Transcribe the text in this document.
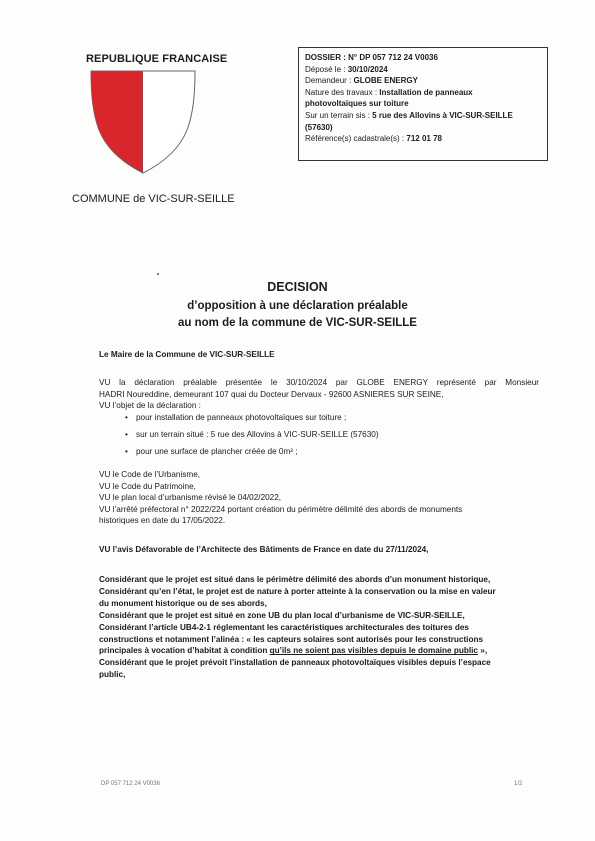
REPUBLIQUE FRANCAISE
COMMUNE de VIC-SUR-SEILLE
DOSSIER : N° DP 057 712 24 V0036
Déposé le : 30/10/2024
Demandeur : GLOBE ENERGY
Nature des travaux : Installation de panneaux
photovoltaïques sur toiture
Sur un terrain sis : 5 rue des Allovins à VIC-SUR-SEILLE
(57630)
Référence(s) cadastrale(s) : 712 01 78
DECISION
d’opposition à une déclaration préalable
au nom de la commune de VIC-SUR-SEILLE
Le Maire de la Commune de VIC-SUR-SEILLE
VU la déclaration préalable présentée le 30/10/2024 par GLOBE ENERGY représenté par Monsieur
HADRI Noureddine, demeurant 107 quai du Docteur Dervaux - 92600 ASNIERES SUR SEINE,
VU l’objet de la déclaration :
• pour installation de panneaux photovoltaïques sur toiture ;
• sur un terrain situé : 5 rue des Allovins à VIC-SUR-SEILLE (57630)
• pour une surface de plancher créée de 0m² ;
VU le Code de l’Urbanisme,
VU le Code du Patrimoine,
VU le plan local d’urbanisme révisé le 04/02/2022,
VU l’arrêté préfectoral n° 2022/224 portant création du périmètre délimité des abords de monuments
historiques en date du 17/05/2022.
VU l’avis Défavorable de l’Architecte des Bâtiments de France en date du 27/11/2024,
Considérant que le projet est situé dans le périmètre délimité des abords d’un monument historique,
Considérant qu’en l’état, le projet est de nature à porter atteinte à la conservation ou la mise en valeur
du monument historique ou de ses abords,
Considérant que le projet est situé en zone UB du plan local d’urbanisme de VIC-SUR-SEILLE,
Considérant l’article UB4-2-1 réglementant les caractéristiques architecturales des toitures des
constructions et notamment l’alinéa : « les capteurs solaires sont autorisés pour les constructions
principales à vocation d’habitat à condition qu’ils ne soient pas visibles depuis le domaine public »,
Considérant que le projet prévoit l’installation de panneaux photovoltaïques visibles depuis l’espace
public,
DP 057 712 24 V0036	1/2
